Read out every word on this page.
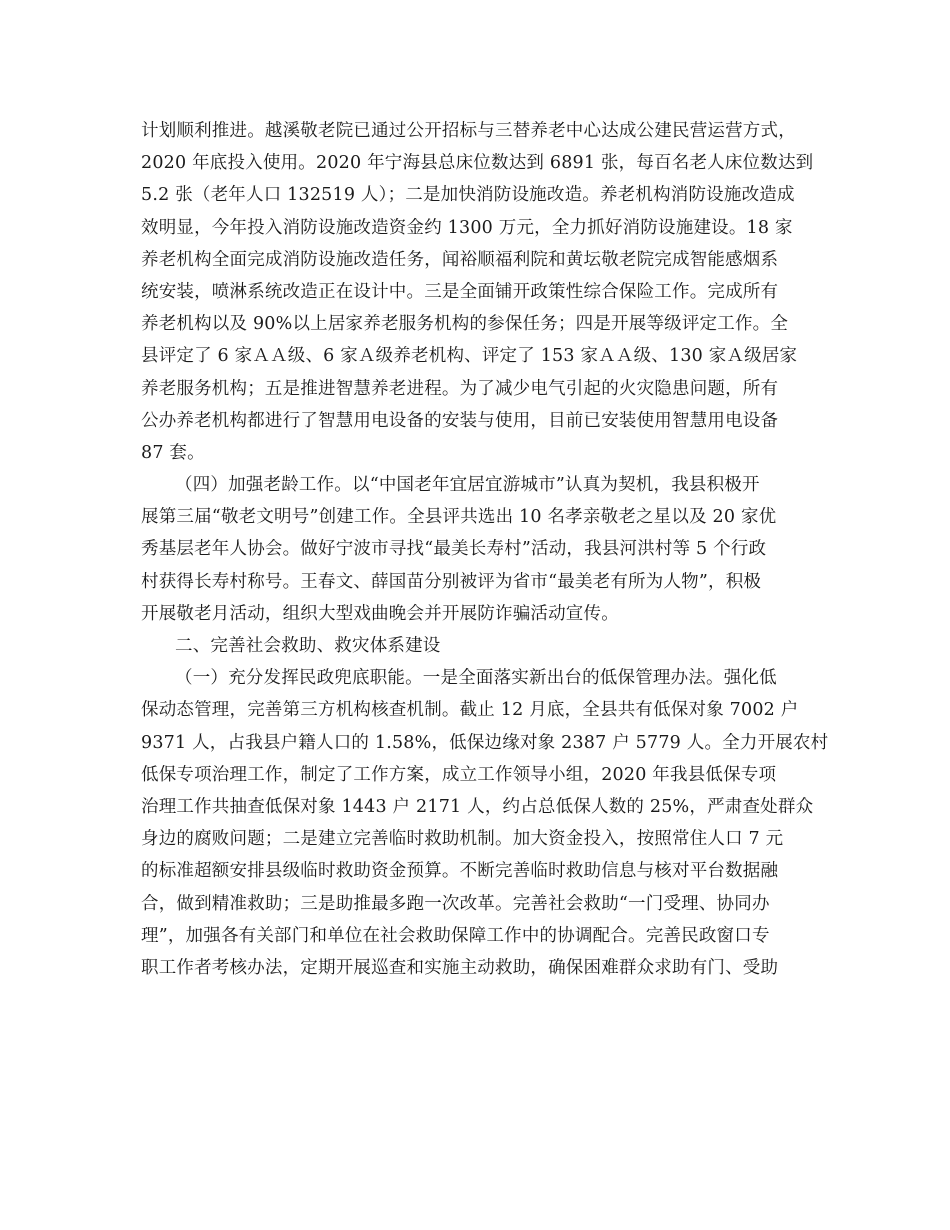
计划顺利推进。越溪敬老院已通过公开招标与三替养老中心达成公建民营运营方式，
2020 年底投入使用。2020 年宁海县总床位数达到 6891 张，每百名老人床位数达到
5.2 张（老年人口 132519 人）；二是加快消防设施改造。养老机构消防设施改造成
效明显，今年投入消防设施改造资金约 1300 万元，全力抓好消防设施建设。18 家
养老机构全面完成消防设施改造任务，闻裕顺福利院和黄坛敬老院完成智能感烟系
统安装，喷淋系统改造正在设计中。三是全面铺开政策性综合保险工作。完成所有
养老机构以及 90%以上居家养老服务机构的参保任务；四是开展等级评定工作。全
县评定了 6 家ＡＡ级、6 家Ａ级养老机构、评定了 153 家ＡＡ级、130 家Ａ级居家
养老服务机构；五是推进智慧养老进程。为了减少电气引起的火灾隐患问题，所有
公办养老机构都进行了智慧用电设备的安装与使用，目前已安装使用智慧用电设备
87 套。
（四）加强老龄工作。以“中国老年宜居宜游城市”认真为契机，我县积极开
展第三届“敬老文明号”创建工作。全县评共选出 10 名孝亲敬老之星以及 20 家优
秀基层老年人协会。做好宁波市寻找“最美长寿村”活动，我县河洪村等 5 个行政
村获得长寿村称号。王春文、薛国苗分别被评为省市“最美老有所为人物”，积极
开展敬老月活动，组织大型戏曲晚会并开展防诈骗活动宣传。
二、完善社会救助、救灾体系建设
（一）充分发挥民政兜底职能。一是全面落实新出台的低保管理办法。强化低
保动态管理，完善第三方机构核查机制。截止 12 月底，全县共有低保对象 7002 户
9371 人，占我县户籍人口的 1.58%，低保边缘对象 2387 户 5779 人。全力开展农村
低保专项治理工作，制定了工作方案，成立工作领导小组，2020 年我县低保专项
治理工作共抽查低保对象 1443 户 2171 人，约占总低保人数的 25%，严肃查处群众
身边的腐败问题；二是建立完善临时救助机制。加大资金投入，按照常住人口 7 元
的标准超额安排县级临时救助资金预算。不断完善临时救助信息与核对平台数据融
合，做到精准救助；三是助推最多跑一次改革。完善社会救助“一门受理、协同办
理”，加强各有关部门和单位在社会救助保障工作中的协调配合。完善民政窗口专
职工作者考核办法，定期开展巡查和实施主动救助，确保困难群众求助有门、受助
